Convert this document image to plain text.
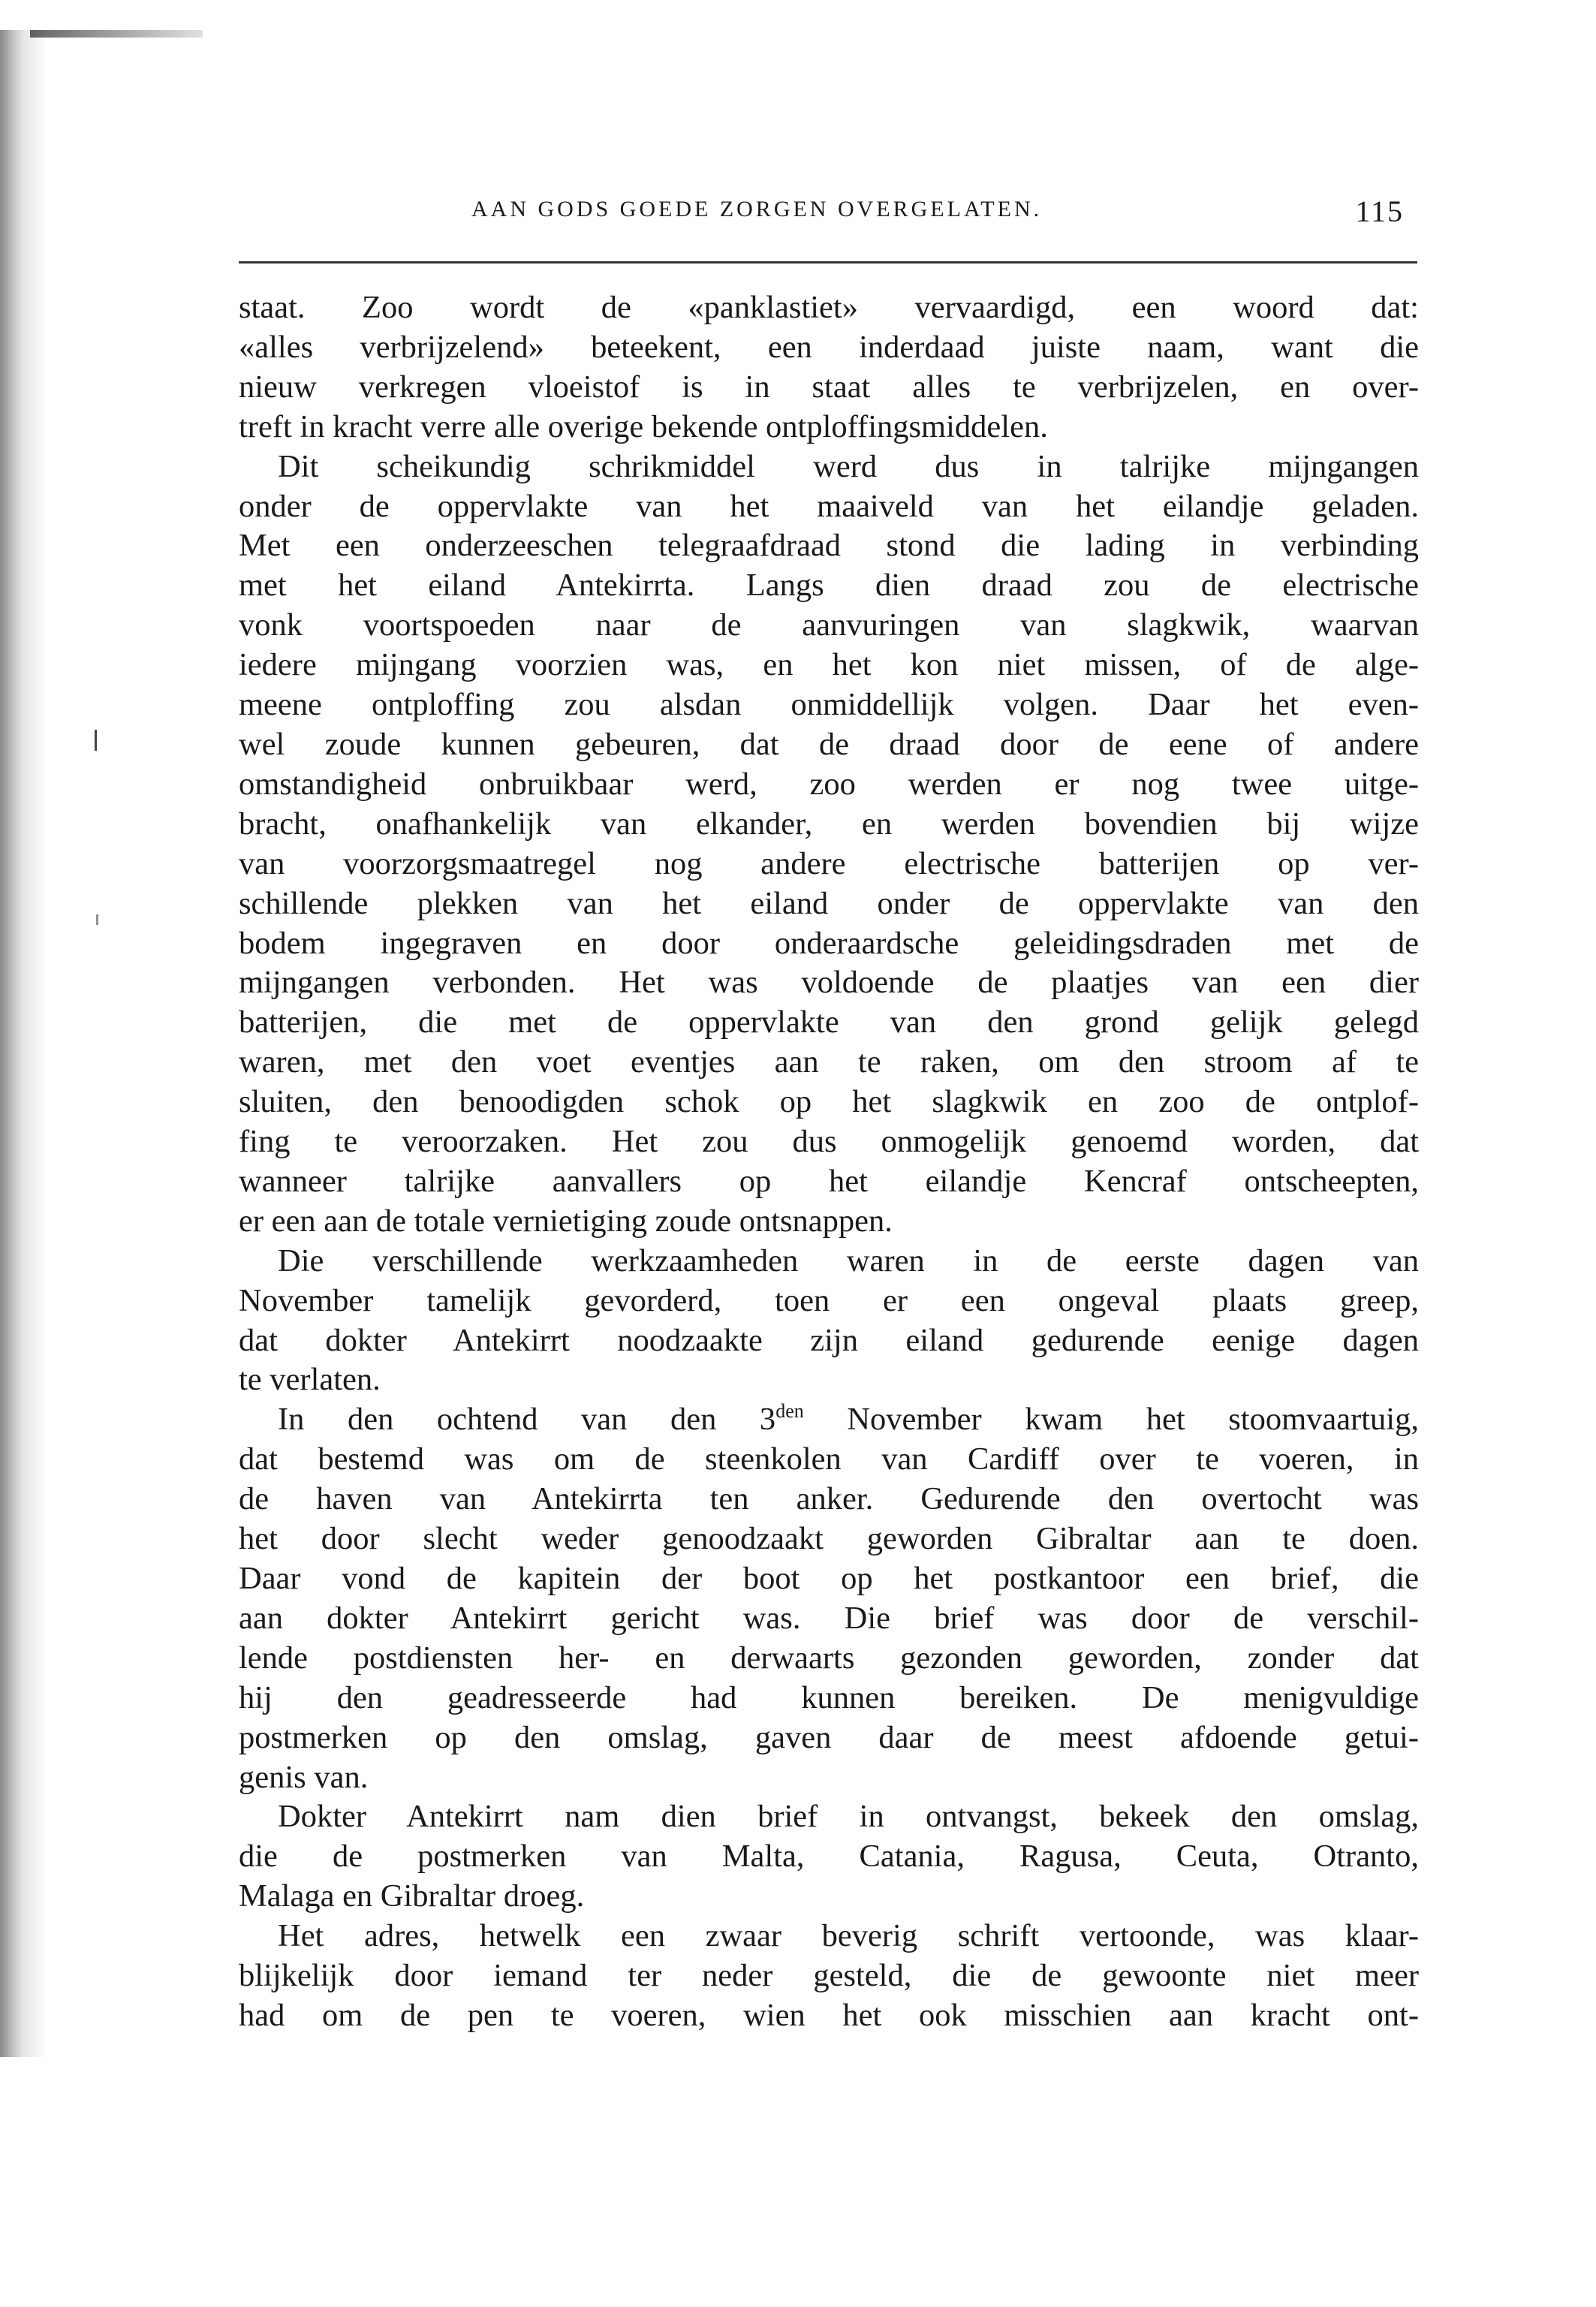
AAN GODS GOEDE ZORGEN OVERGELATEN.	115

staat. Zoo wordt de «panklastiet» vervaardigd, een woord dat:
«alles verbrijzelend» beteekent, een inderdaad juiste naam, want die
nieuw verkregen vloeistof is in staat alles te verbrijzelen, en over-
treft in kracht verre alle overige bekende ontploffingsmiddelen.

Dit scheikundig schrikmiddel werd dus in talrijke mijngangen
onder de oppervlakte van het maaiveld van het eilandje geladen.
Met een onderzeeschen telegraafdraad stond die lading in verbinding
met het eiland Antekirrta. Langs dien draad zou de electrische
vonk voortspoeden naar de aanvuringen van slagkwik, waarvan
iedere mijngang voorzien was, en het kon niet missen, of de alge-
meene ontploffing zou alsdan onmiddellijk volgen. Daar het even-
wel zoude kunnen gebeuren, dat de draad door de eene of andere
omstandigheid onbruikbaar werd, zoo werden er nog twee uitge-
bracht, onafhankelijk van elkander, en werden bovendien bij wijze
van voorzorgsmaatregel nog andere electrische batterijen op ver-
schillende plekken van het eiland onder de oppervlakte van den
bodem ingegraven en door onderaardsche geleidingsdraden met de
mijngangen verbonden. Het was voldoende de plaatjes van een dier
batterijen, die met de oppervlakte van den grond gelijk gelegd
waren, met den voet eventjes aan te raken, om den stroom af te
sluiten, den benoodigden schok op het slagkwik en zoo de ontplof-
fing te veroorzaken. Het zou dus onmogelijk genoemd worden, dat
wanneer talrijke aanvallers op het eilandje Kencraf ontscheepten,
er een aan de totale vernietiging zoude ontsnappen.

Die verschillende werkzaamheden waren in de eerste dagen van
November tamelijk gevorderd, toen er een ongeval plaats greep,
dat dokter Antekirrt noodzaakte zijn eiland gedurende eenige dagen
te verlaten.

In den ochtend van den $3^{den}$ November kwam het stoomvaartuig,
dat bestemd was om de steenkolen van Cardiff over te voeren, in
de haven van Antekirrta ten anker. Gedurende den overtocht was
het door slecht weder genoodzaakt geworden Gibraltar aan te doen.
Daar vond de kapitein der boot op het postkantoor een brief, die
aan dokter Antekirrt gericht was. Die brief was door de verschil-
lende postdiensten her- en derwaarts gezonden geworden, zonder dat
hij den geadresseerde had kunnen bereiken. De menigvuldige
postmerken op den omslag, gaven daar de meest afdoende getui-
genis van.

Dokter Antekirrt nam dien brief in ontvangst, bekeek den omslag,
die de postmerken van Malta, Catania, Ragusa, Ceuta, Otranto,
Malaga en Gibraltar droeg.

Het adres, hetwelk een zwaar beverig schrift vertoonde, was klaar-
blijkelijk door iemand ter neder gesteld, die de gewoonte niet meer
had om de pen te voeren, wien het ook misschien aan kracht ont-
